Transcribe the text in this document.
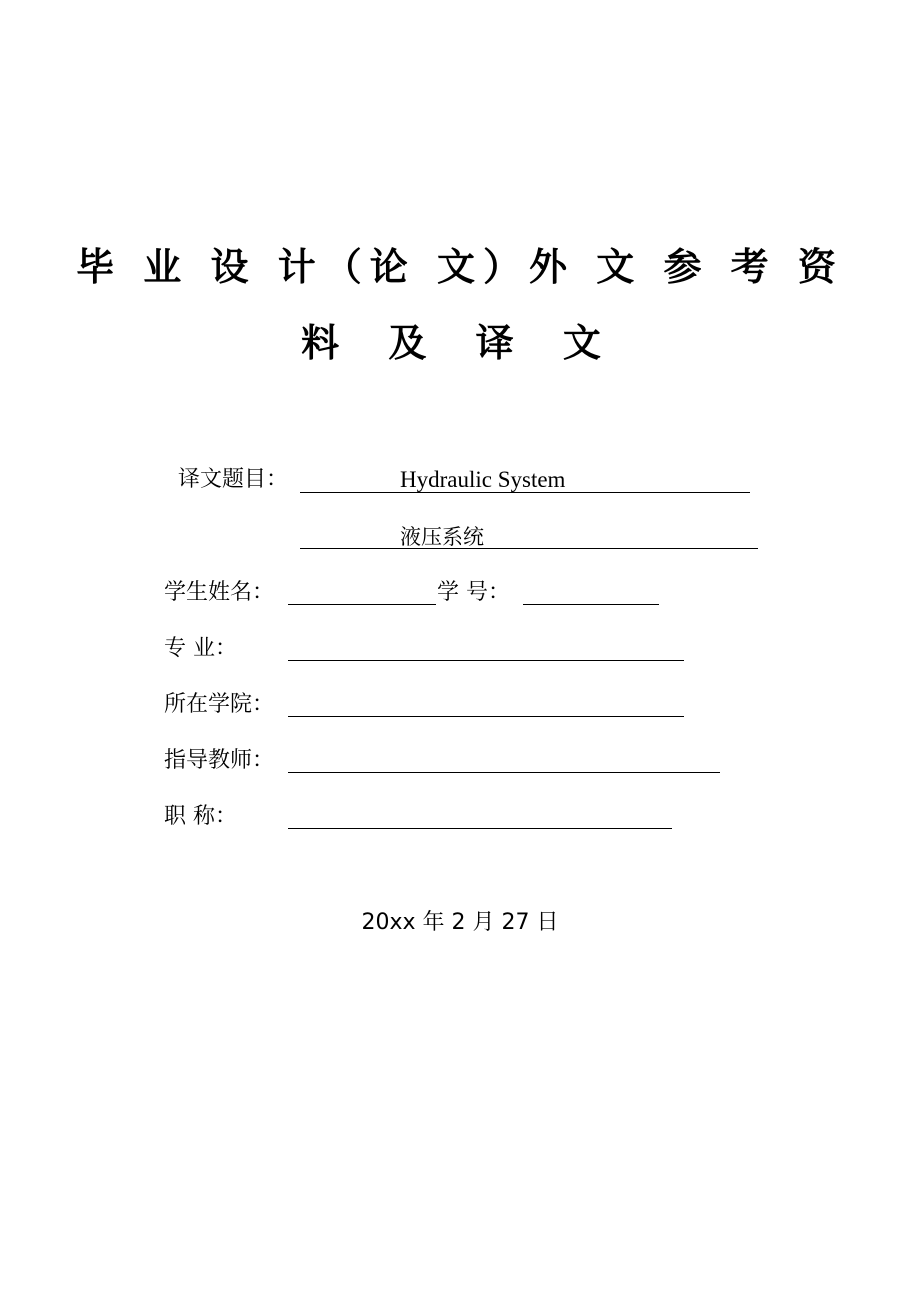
毕 业 设 计（论 文）外 文 参 考 资
料 及 译 文
译文题目：	Hydraulic System
液压系统
学生姓名：	学 号：
专 业：
所在学院：
指导教师：
职 称：
20xx 年 2 月 27 日
